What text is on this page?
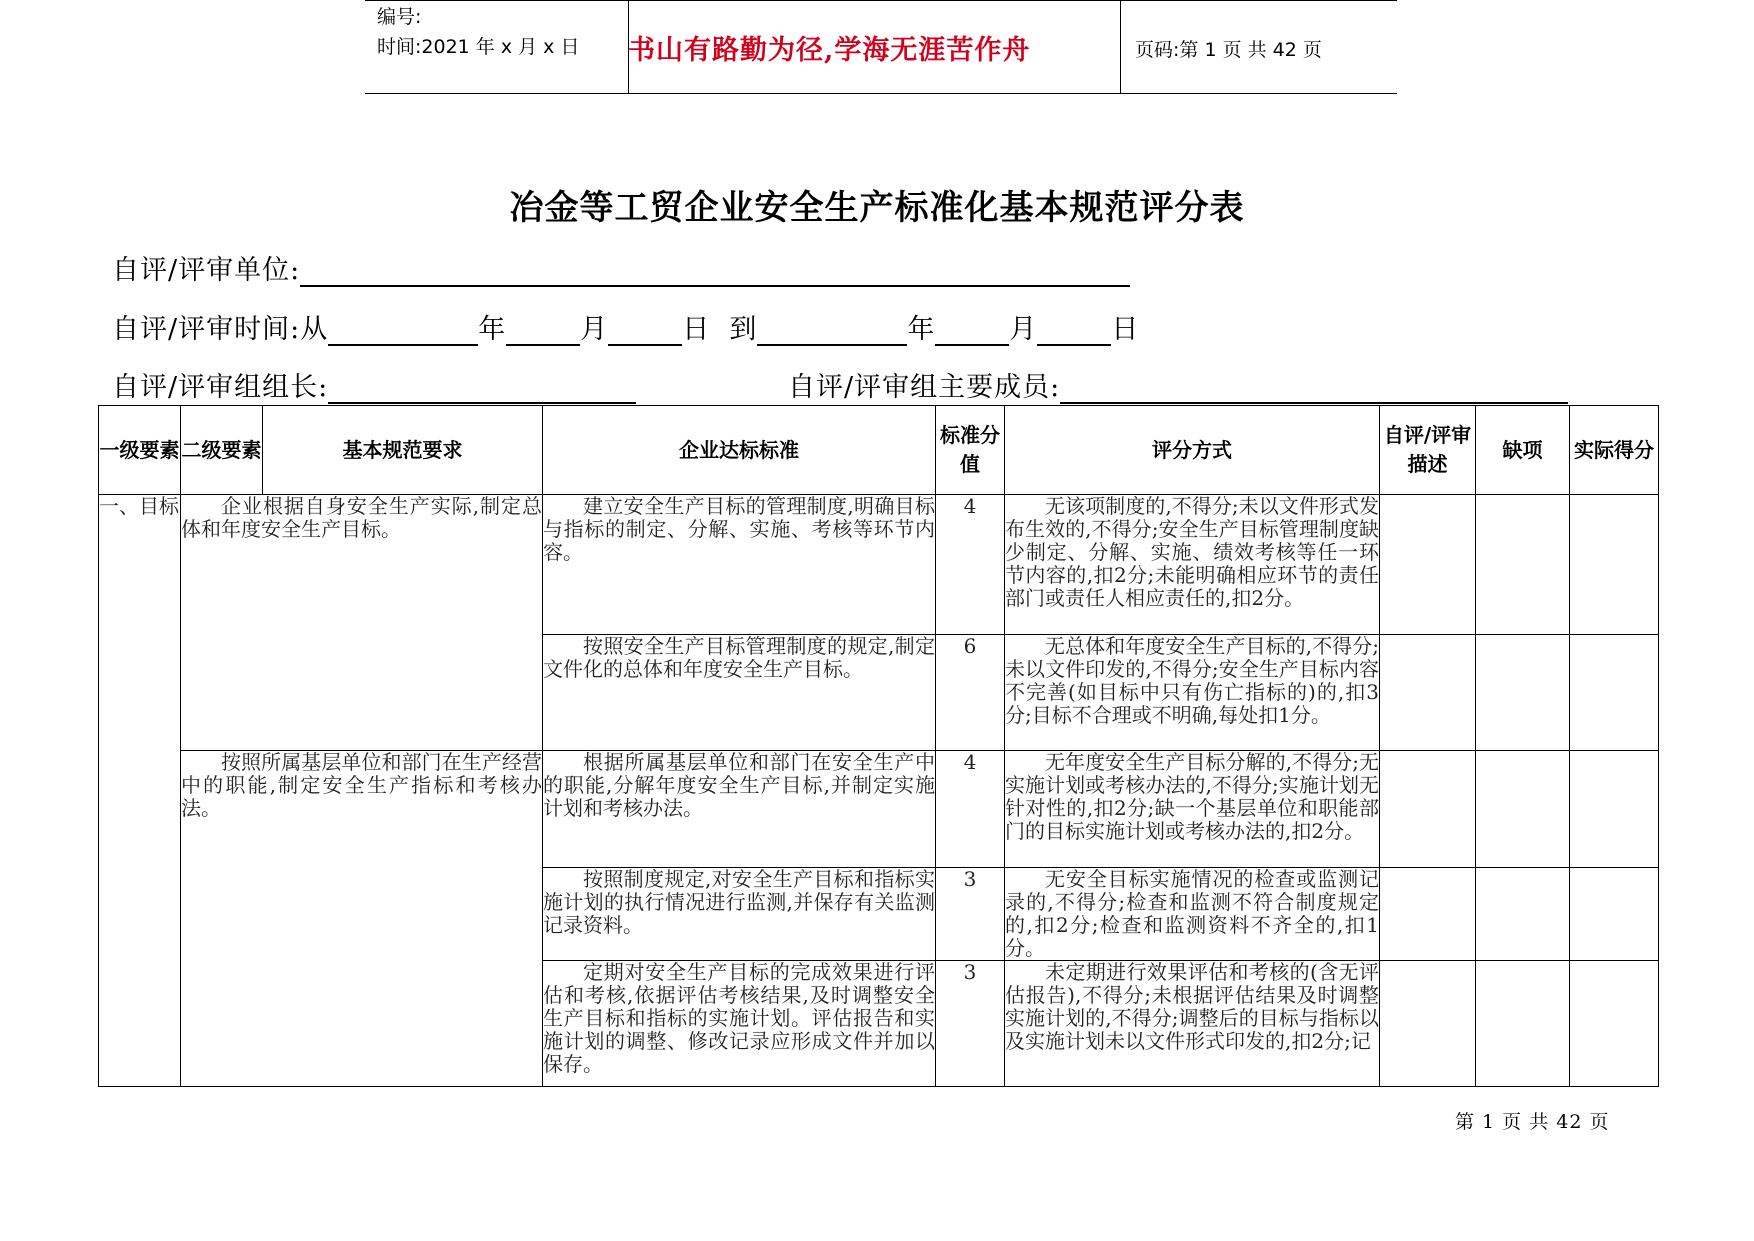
编号:
时间:2021 年 x 月 x 日 书山有路勤为径,学海无涯苦作舟	页码:第 1 页 共 42 页
冶金等工贸企业安全生产标准化基本规范评分表
自评/评审单位:
自评/评审时间:从	年	月	日 到	年	月	日
自评/评审组组长:	自评/评审组主要成员:
一级要素	二级要素	基本规范要求	企业达标标准	标准分值	评分方式	自评/评审描述	缺项	实际得分
一、目标	企业根据自身安全生产实际,制定总体和年度安全生产目标。		建立安全生产目标的管理制度,明确目标与指标的制定、分解、实施、考核等环节内容。	4	无该项制度的,不得分;未以文件形式发布生效的,不得分;安全生产目标管理制度缺少制定、分解、实施、绩效考核等任一环节内容的,扣2分;未能明确相应环节的责任部门或责任人相应责任的,扣2分。			
			按照安全生产目标管理制度的规定,制定文件化的总体和年度安全生产目标。	6	无总体和年度安全生产目标的,不得分;未以文件印发的,不得分;安全生产目标内容不完善(如目标中只有伤亡指标的)的,扣3分;目标不合理或不明确,每处扣1分。			
	按照所属基层单位和部门在生产经营中的职能,制定安全生产指标和考核办法。		根据所属基层单位和部门在安全生产中的职能,分解年度安全生产目标,并制定实施计划和考核办法。	4	无年度安全生产目标分解的,不得分;无实施计划或考核办法的,不得分;实施计划无针对性的,扣2分;缺一个基层单位和职能部门的目标实施计划或考核办法的,扣2分。			
			按照制度规定,对安全生产目标和指标实施计划的执行情况进行监测,并保存有关监测记录资料。	3	无安全目标实施情况的检查或监测记录的,不得分;检查和监测不符合制度规定的,扣2分;检查和监测资料不齐全的,扣1分。			
			定期对安全生产目标的完成效果进行评估和考核,依据评估考核结果,及时调整安全生产目标和指标的实施计划。评估报告和实施计划的调整、修改记录应形成文件并加以保存。	3	未定期进行效果评估和考核的(含无评估报告),不得分;未根据评估结果及时调整实施计划的,不得分;调整后的目标与指标以及实施计划未以文件形式印发的,扣2分;记			
第 1 页 共 42 页
